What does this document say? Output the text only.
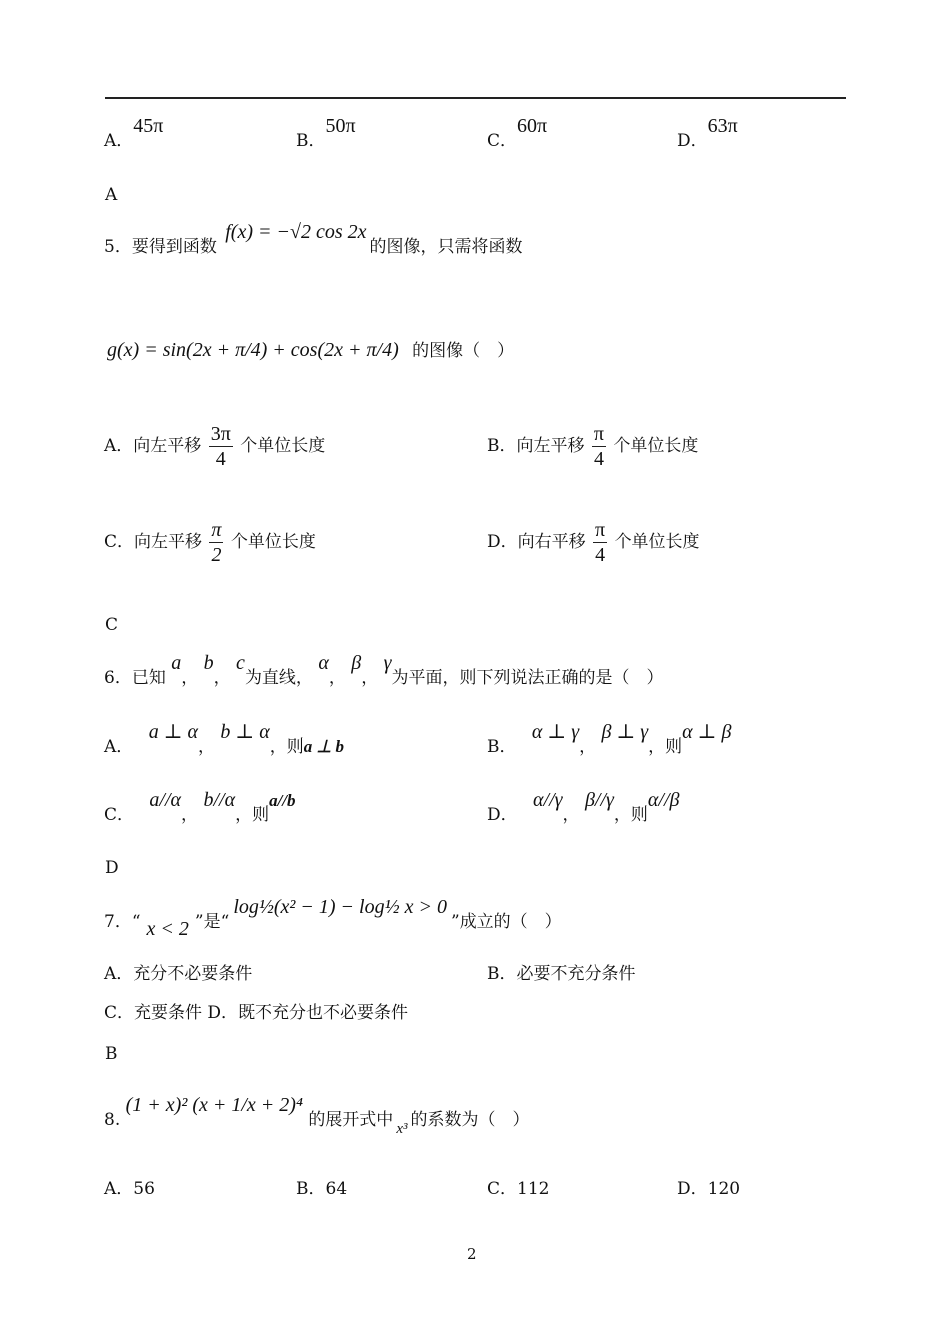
A．45π
B．50π
C．60π
D．63π
A
5．要得到函数 f(x) = −√2 cos 2x的图像，只需将函数
g(x) = sin(2x + π/4) + cos(2x + π/4) 的图像（　）
A．向左平移 $\frac{3\pi}{4}$ 个单位长度	B．向左平移 $\frac{\pi}{4}$ 个单位长度
C．向左平移 $\frac{\pi}{2}$ 个单位长度	D．向右平移 $\frac{\pi}{4}$ 个单位长度
C
6．已知 a， b， c为直线， α， β， γ为平面，则下列说法正确的是（　）
A． a ⊥ α， b ⊥ α，则a ⊥ b	B． α ⊥ γ， β ⊥ γ，则α ⊥ β
C． a//α， b//α，则a//b
D． α//γ， β//γ，则α//β
D
7．“ x < 2 ”是“log½(x² − 1) − log½ x > 0”成立的（　）
A．充分不必要条件	B．必要不充分条件
C．充要条件 D．既不充分也不必要条件
B
8. (1 + x)² (x + 1/x + 2)⁴ 的展开式中 x³ 的系数为（　）
A．56	B．64	C．112	D．120
2
